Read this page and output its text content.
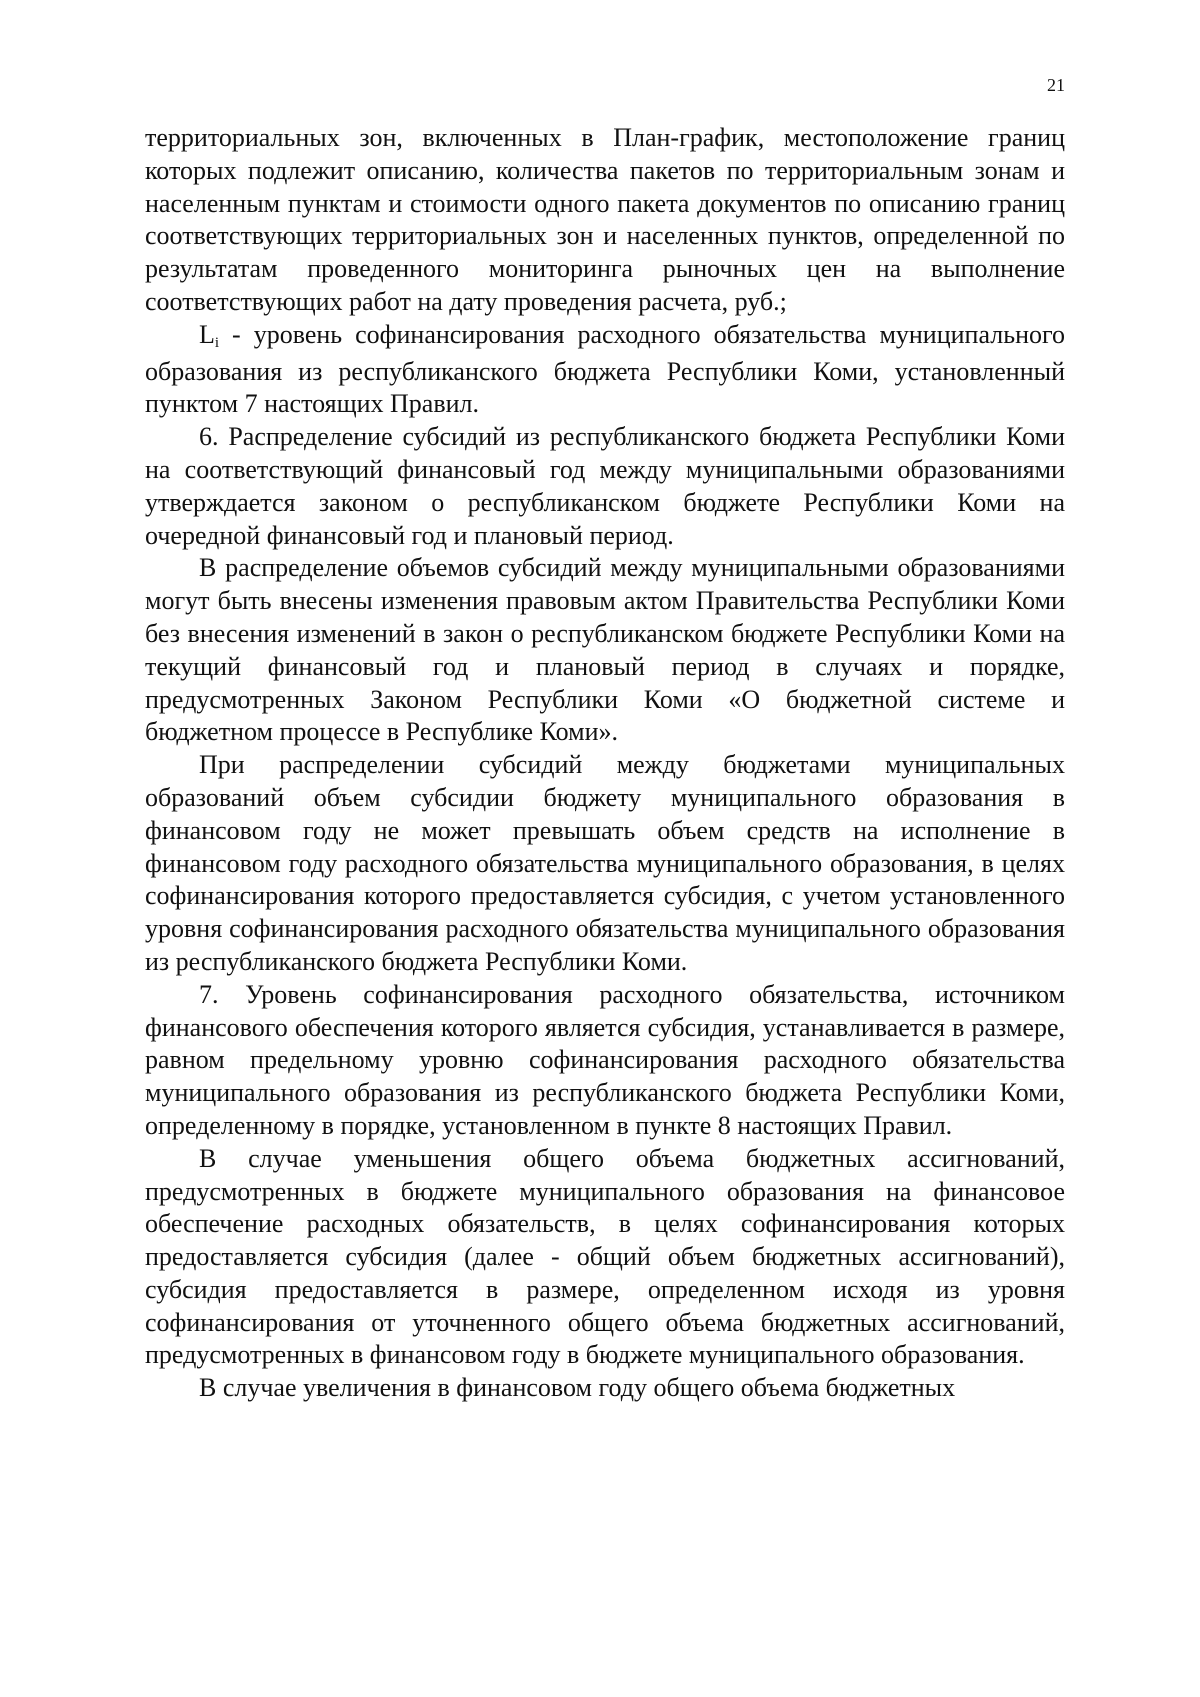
21

территориальных зон, включенных в План-график, местоположение границ которых подлежит описанию, количества пакетов по территориальным зонам и населенным пунктам и стоимости одного пакета документов по описанию границ соответствующих территориальных зон и населенных пунктов, определенной по результатам проведенного мониторинга рыночных цен на выполнение соответствующих работ на дату проведения расчета, руб.;

$L_i$ - уровень софинансирования расходного обязательства муниципального образования из республиканского бюджета Республики Коми, установленный пунктом 7 настоящих Правил.

6. Распределение субсидий из республиканского бюджета Республики Коми на соответствующий финансовый год между муниципальными образованиями утверждается законом о республиканском бюджете Республики Коми на очередной финансовый год и плановый период.

В распределение объемов субсидий между муниципальными образованиями могут быть внесены изменения правовым актом Правительства Республики Коми без внесения изменений в закон о республиканском бюджете Республики Коми на текущий финансовый год и плановый период в случаях и порядке, предусмотренных Законом Республики Коми «О бюджетной системе и бюджетном процессе в Республике Коми».

При распределении субсидий между бюджетами муниципальных образований объем субсидии бюджету муниципального образования в финансовом году не может превышать объем средств на исполнение в финансовом году расходного обязательства муниципального образования, в целях софинансирования которого предоставляется субсидия, с учетом установленного уровня софинансирования расходного обязательства муниципального образования из республиканского бюджета Республики Коми.

7. Уровень софинансирования расходного обязательства, источником финансового обеспечения которого является субсидия, устанавливается в размере, равном предельному уровню софинансирования расходного обязательства муниципального образования из республиканского бюджета Республики Коми, определенному в порядке, установленном в пункте 8 настоящих Правил.

В случае уменьшения общего объема бюджетных ассигнований, предусмотренных в бюджете муниципального образования на финансовое обеспечение расходных обязательств, в целях софинансирования которых предоставляется субсидия (далее - общий объем бюджетных ассигнований), субсидия предоставляется в размере, определенном исходя из уровня софинансирования от уточненного общего объема бюджетных ассигнований, предусмотренных в финансовом году в бюджете муниципального образования.

В случае увеличения в финансовом году общего объема бюджетных
